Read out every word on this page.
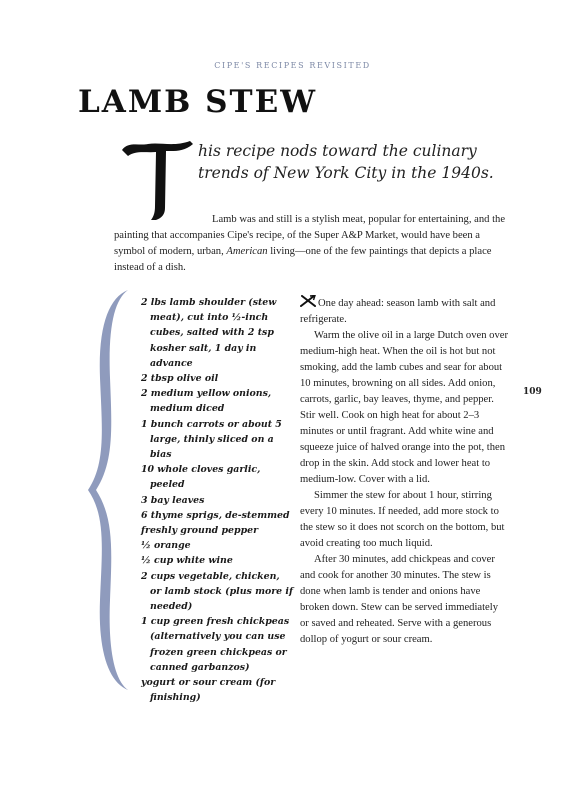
CIPE'S RECIPES REVISITED
LAMB STEW
his recipe nods toward the culinary trends of New York City in the 1940s.
Lamb was and still is a stylish meat, popular for entertaining, and the painting that accompanies Cipe's recipe, of the Super A&P Market, would have been a symbol of modern, urban, American living—one of the few paintings that depicts a place instead of a dish.
2 lbs lamb shoulder (stew meat), cut into ½-inch cubes, salted with 2 tsp kosher salt, 1 day in advance
2 tbsp olive oil
2 medium yellow onions, medium diced
1 bunch carrots or about 5 large, thinly sliced on a bias
10 whole cloves garlic, peeled
3 bay leaves
6 thyme sprigs, de-stemmed
freshly ground pepper
½ orange
½ cup white wine
2 cups vegetable, chicken, or lamb stock (plus more if needed)
1 cup green fresh chickpeas (alternatively you can use frozen green chickpeas or canned garbanzos)
yogurt or sour cream (for finishing)

One day ahead: season lamb with salt and refrigerate.

Warm the olive oil in a large Dutch oven over medium-high heat. When the oil is hot but not smoking, add the lamb cubes and sear for about 10 minutes, browning on all sides. Add onion, carrots, garlic, bay leaves, thyme, and pepper. Stir well. Cook on high heat for about 2–3 minutes or until fragrant. Add white wine and squeeze juice of halved orange into the pot, then drop in the skin. Add stock and lower heat to medium-low. Cover with a lid.

Simmer the stew for about 1 hour, stirring every 10 minutes. If needed, add more stock to the stew so it does not scorch on the bottom, but avoid creating too much liquid.

After 30 minutes, add chickpeas and cover and cook for another 30 minutes. The stew is done when lamb is tender and onions have broken down. Stew can be served immediately or saved and reheated. Serve with a generous dollop of yogurt or sour cream.

109
